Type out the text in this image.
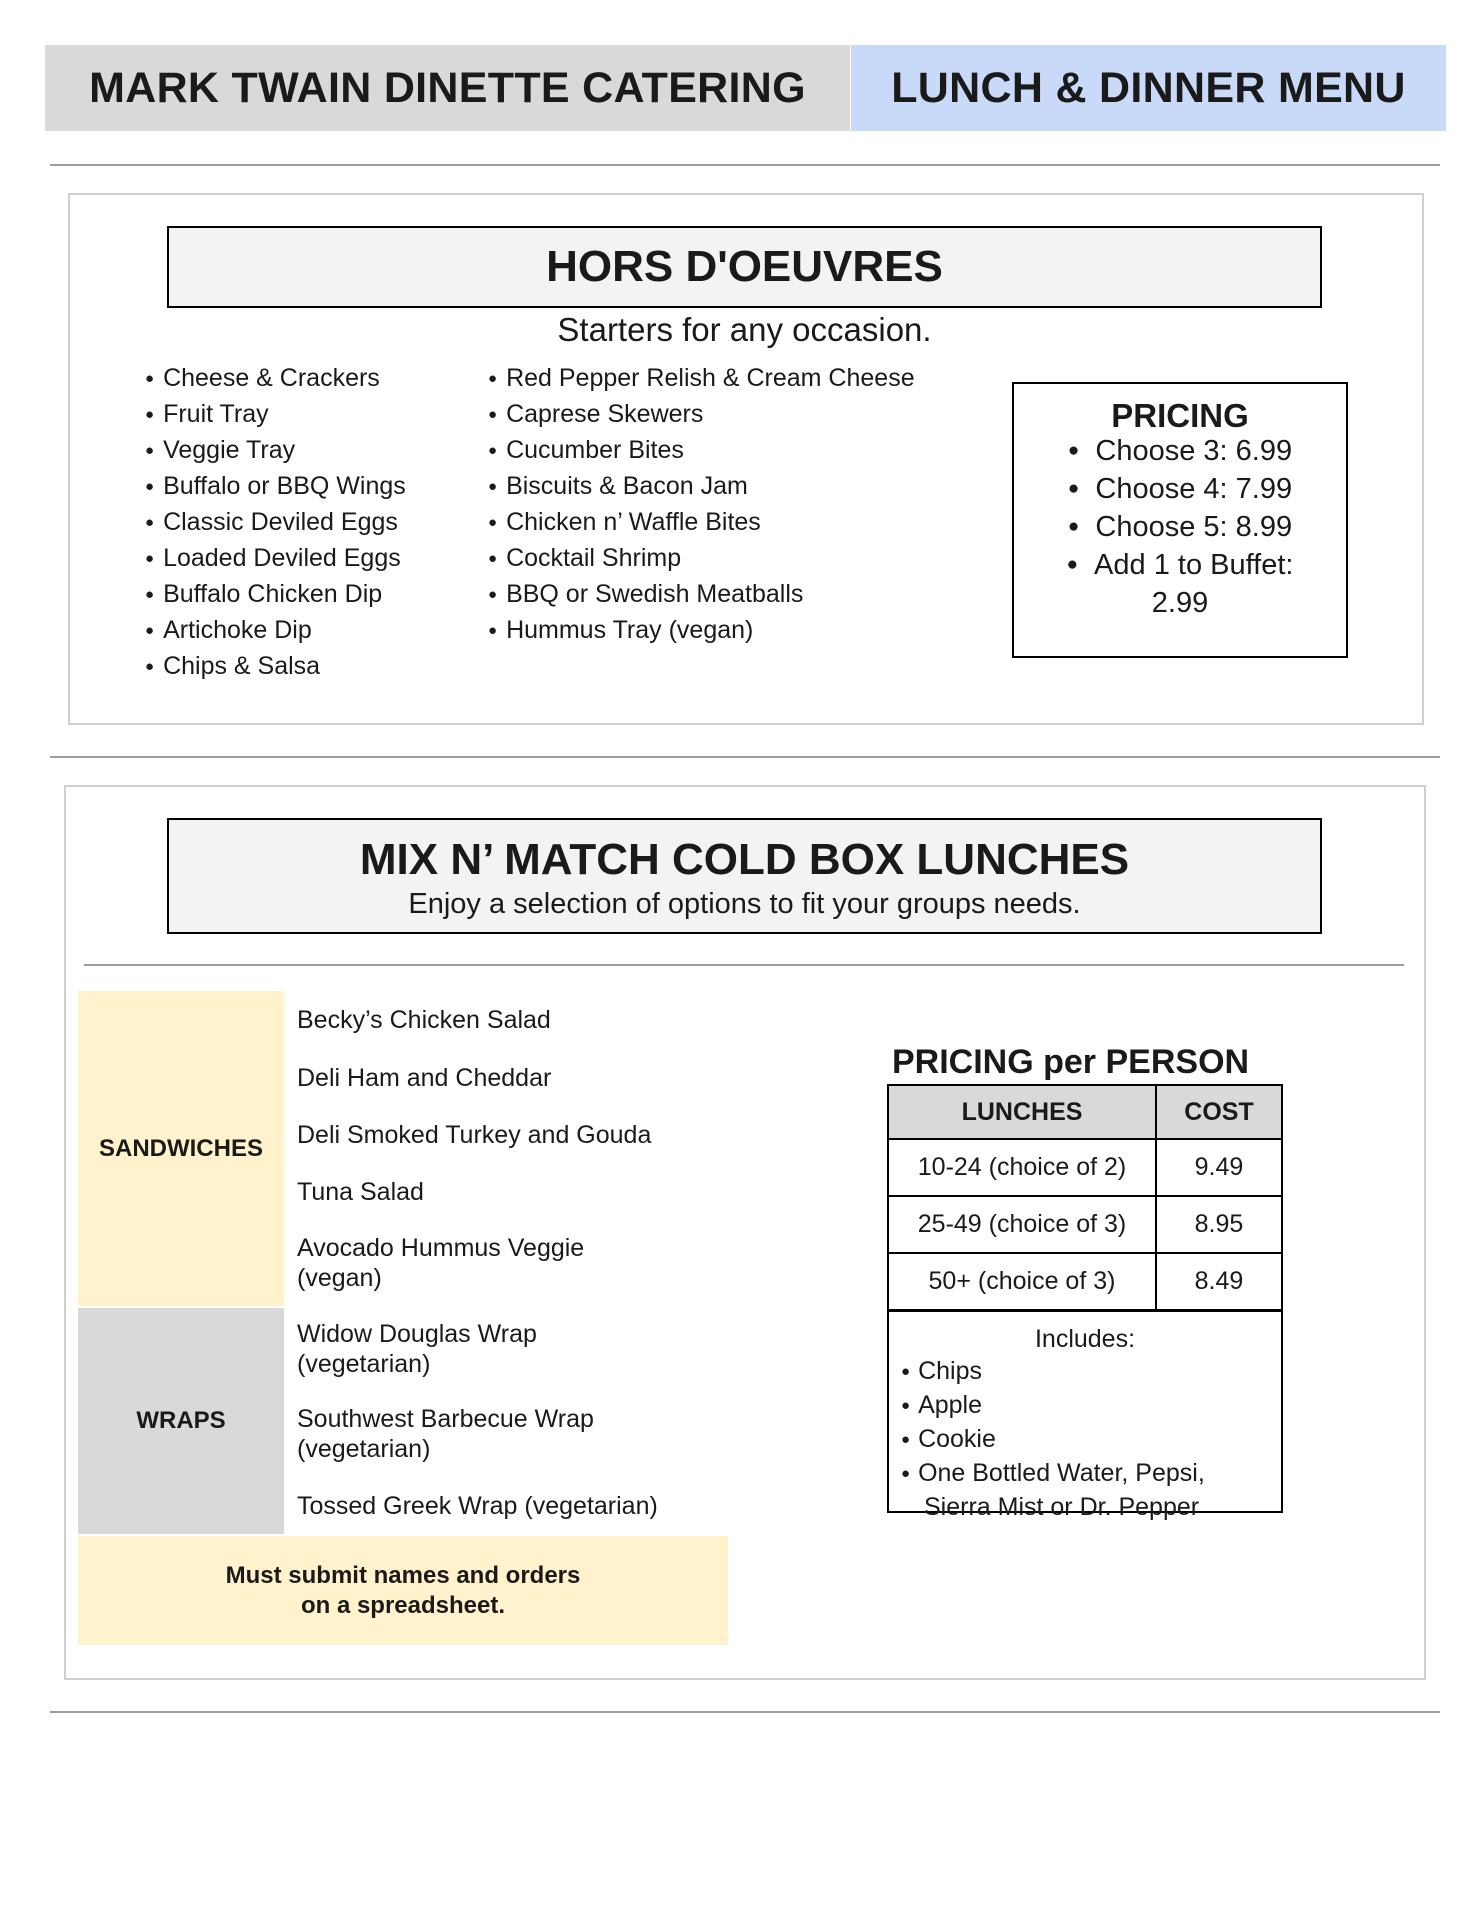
MARK TWAIN DINETTE CATERING	LUNCH & DINNER MENU
HORS D'OEUVRES
Starters for any occasion.
● Cheese & Crackers
● Fruit Tray
● Veggie Tray
● Buffalo or BBQ Wings
● Classic Deviled Eggs
● Loaded Deviled Eggs
● Buffalo Chicken Dip
● Artichoke Dip
● Chips & Salsa
● Red Pepper Relish & Cream Cheese
● Caprese Skewers
● Cucumber Bites
● Biscuits & Bacon Jam
● Chicken n’ Waffle Bites
● Cocktail Shrimp
● BBQ or Swedish Meatballs
● Hummus Tray (vegan)
PRICING
● Choose 3: 6.99
● Choose 4: 7.99
● Choose 5: 8.99
● Add 1 to Buffet:
2.99
MIX N’ MATCH COLD BOX LUNCHES
Enjoy a selection of options to fit your groups needs.
SANDWICHES
Becky’s Chicken Salad
Deli Ham and Cheddar
Deli Smoked Turkey and Gouda
Tuna Salad
Avocado Hummus Veggie
(vegan)
WRAPS
Widow Douglas Wrap
(vegetarian)
Southwest Barbecue Wrap
(vegetarian)
Tossed Greek Wrap (vegetarian)
Must submit names and orders
on a spreadsheet.
PRICING per PERSON
LUNCHES	COST
10-24 (choice of 2)	9.49
25-49 (choice of 3)	8.95
50+ (choice of 3)	8.49
Includes:
● Chips
● Apple
● Cookie
● One Bottled Water, Pepsi,
Sierra Mist or Dr. Pepper
